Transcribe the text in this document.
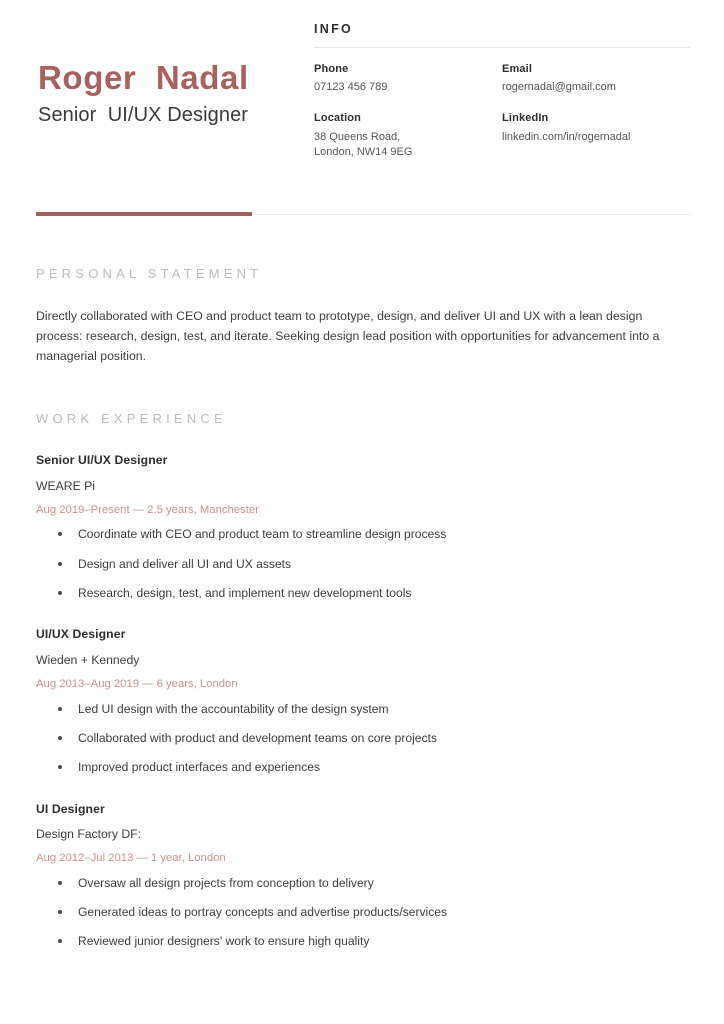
Roger  Nadal
Senior  UI/UX Designer
INFO
Phone
07123 456 789
Email
rogernadal@gmail.com
Location
38 Queens Road,
London, NW14 9EG
LinkedIn
linkedin.com/in/rogernadal
PERSONAL STATEMENT

Directly collaborated with CEO and product team to prototype, design, and deliver UI and UX with a lean design process: research, design, test, and iterate. Seeking design lead position with opportunities for advancement into a managerial position.

WORK EXPERIENCE
Senior UI/UX Designer
WEARE Pi
Aug 2019–Present — 2.5 years, Manchester
Coordinate with CEO and product team to streamline design process
Design and deliver all UI and UX assets
Research, design, test, and implement new development tools
UI/UX Designer
Wieden + Kennedy
Aug 2013–Aug 2019 — 6 years, London
Led UI design with the accountability of the design system
Collaborated with product and development teams on core projects
Improved product interfaces and experiences
UI Designer
Design Factory DF:
Aug 2012–Jul 2013 — 1 year, London
Oversaw all design projects from conception to delivery
Generated ideas to portray concepts and advertise products/services
Reviewed junior designers' work to ensure high quality
